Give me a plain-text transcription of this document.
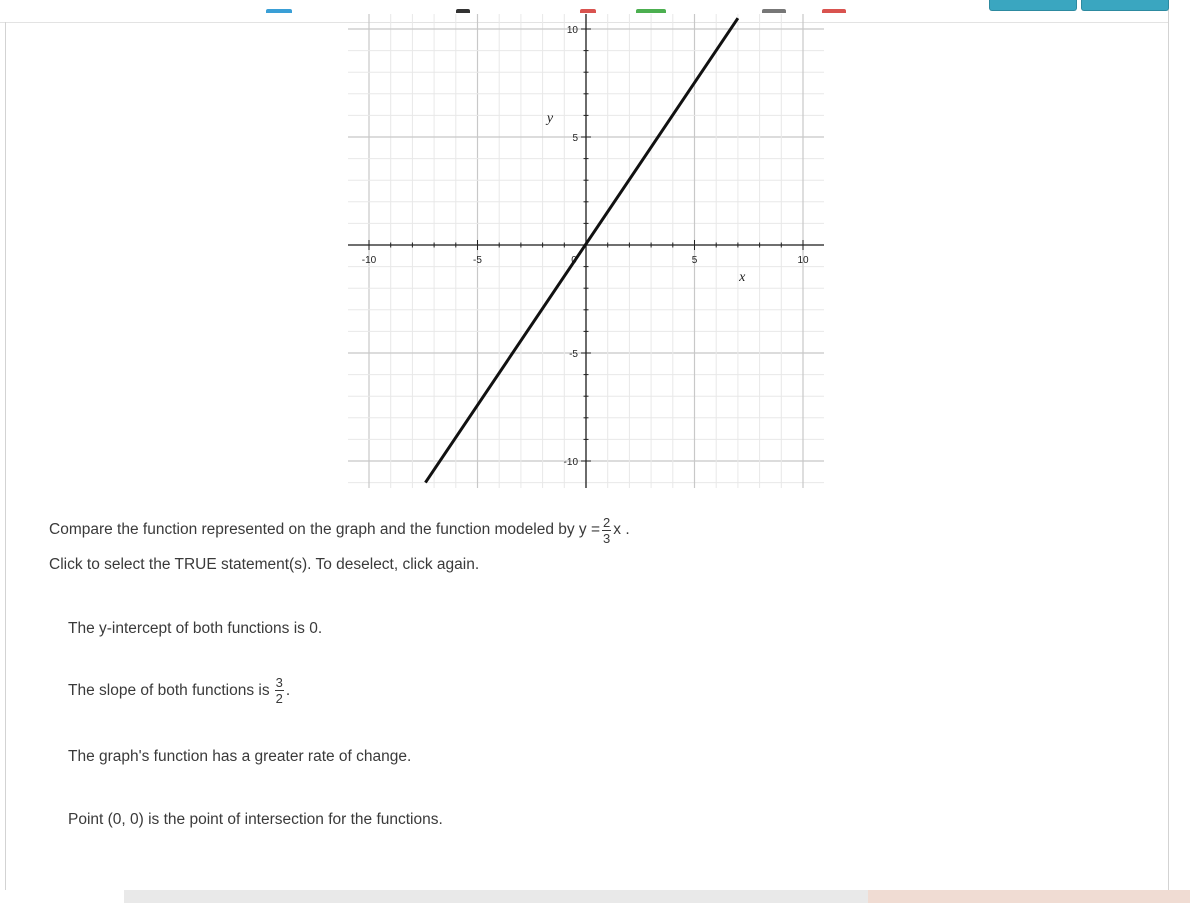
-10	-5	0	5	10
-10
-5
5
10
x
y
Compare the function represented on the graph and the function modeled by $y = \frac{2}{3}$ x .
Click to select the TRUE statement(s). To deselect, click again.
The y-intercept of both functions is 0.
The slope of both functions is $\frac{3}{2}$ .
The graph's function has a greater rate of change.
Point (0, 0) is the point of intersection for the functions.
